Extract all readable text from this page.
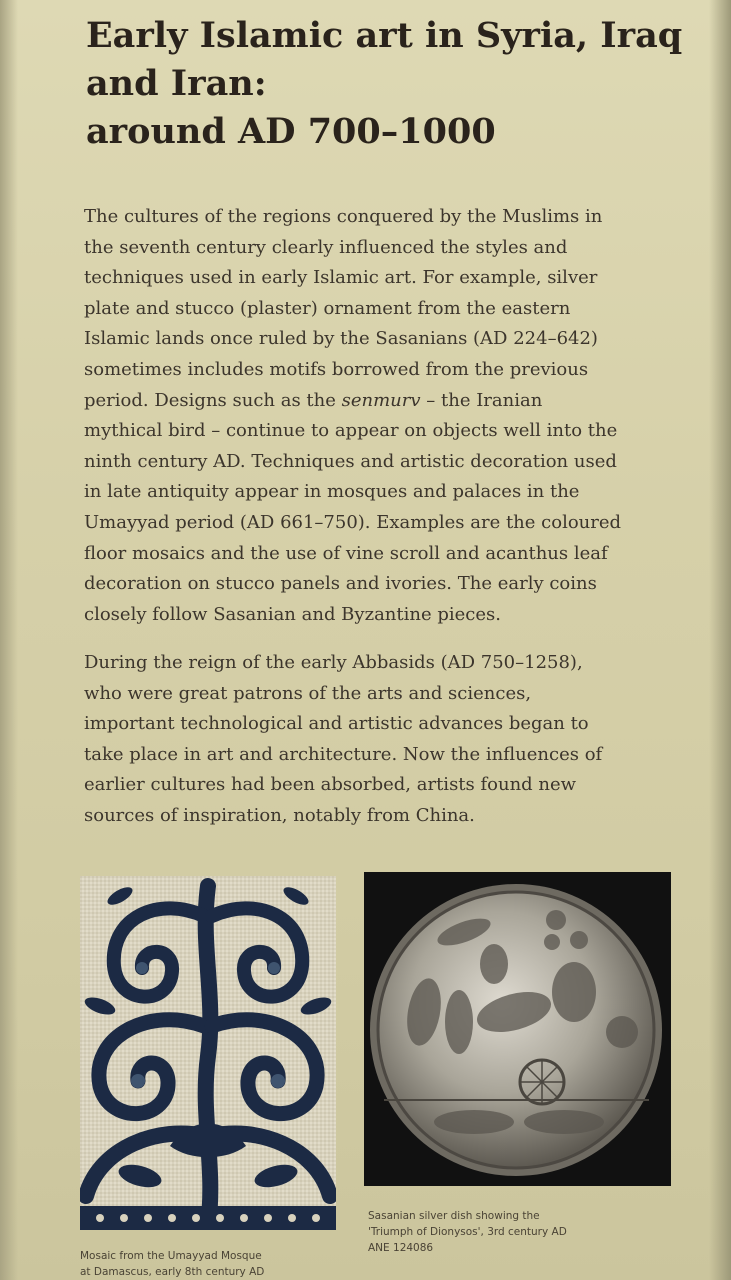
Early Islamic art in Syria, Iraq
and Iran:
around AD 700–1000
The cultures of the regions conquered by the Muslims in
the seventh century clearly influenced the styles and
techniques used in early Islamic art. For example, silver
plate and stucco (plaster) ornament from the eastern
Islamic lands once ruled by the Sasanians (AD 224–642)
sometimes includes motifs borrowed from the previous
period. Designs such as the senmurv – the Iranian
mythical bird – continue to appear on objects well into the
ninth century AD. Techniques and artistic decoration used
in late antiquity appear in mosques and palaces in the
Umayyad period (AD 661–750). Examples are the coloured
floor mosaics and the use of vine scroll and acanthus leaf
decoration on stucco panels and ivories. The early coins
closely follow Sasanian and Byzantine pieces.
During the reign of the early Abbasids (AD 750–1258),
who were great patrons of the arts and sciences,
important technological and artistic advances began to
take place in art and architecture. Now the influences of
earlier cultures had been absorbed, artists found new
sources of inspiration, notably from China.
Sasanian silver dish showing the
'Triumph of Dionysos', 3rd century AD
ANE 124086
Mosaic from the Umayyad Mosque
at Damascus, early 8th century AD
